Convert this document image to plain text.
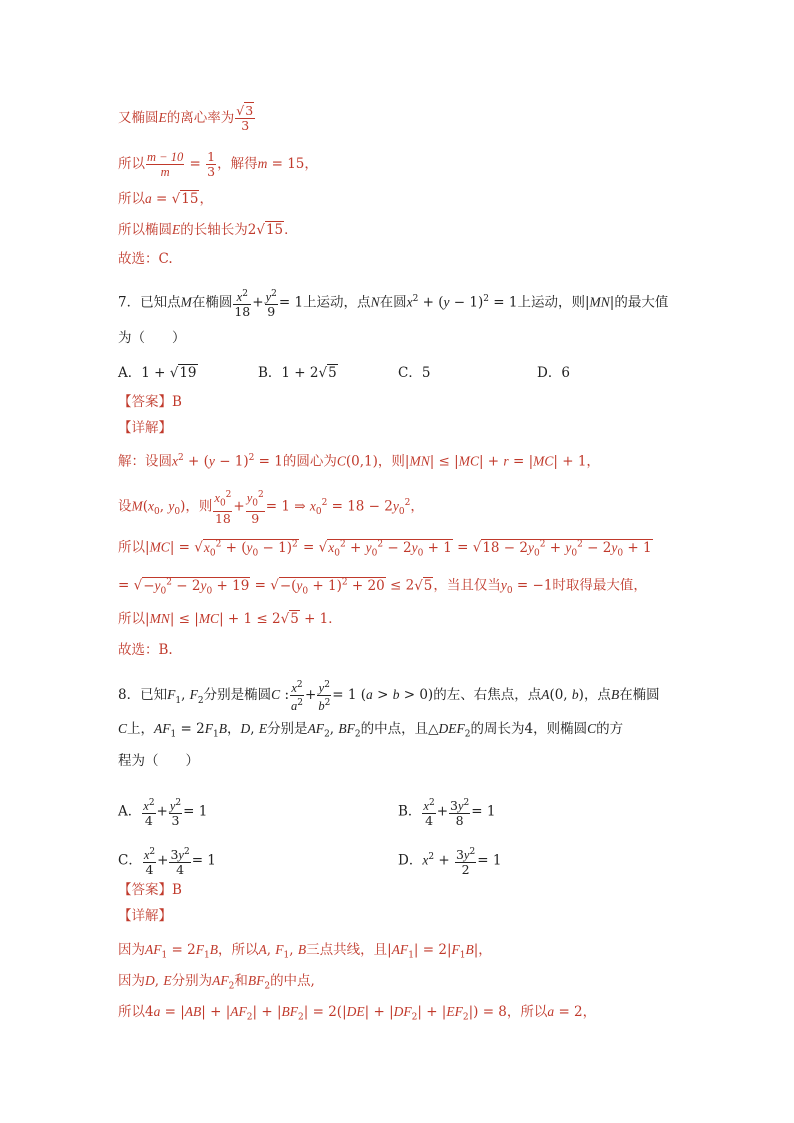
又椭圆E的离心率为 $\frac{√3}{3}$
所以 $\frac{m - 10}{m} = \frac{1}{3}$ ，解得m = 15，
所以a = √15，
所以椭圆E的长轴长为2√15．
故选：C.
7．已知点M在椭圆 $\frac{x^2}{18} + \frac{y^2}{9} = 1$上运动，点N在圆$x^2 + (y - 1)^2 = 1$上运动，则|MN|的最大值
为（　　）
A．1 + √19	B．1 + 2√5	C．5	D．6
【答案】B
【详解】
解：设圆$x^2 + (y - 1)^2 = 1$的圆心为C(0,1)，则|MN| ≤ |MC| + r = |MC| + 1，
设$M(x_0$, $y_0$)，则 $\frac{x_0^2}{18} + \frac{y_0^2}{9} = 1$ ⇒ $x_0^2 = 18 - 2y_0^2$，
所以$|MC| = √x_0^2 + (y_0 - 1)^2 = √x_0^2 + y_0^2 - 2y_0 + 1 = √18 - 2y_0^2 + y_0^2 - 2y_0 + 1$
= $√-y_0^2 - 2y_0 + 19 = √-(y_0 + 1)^2 + 20 \le 2√5$，当且仅当$y_0 = -1$时取得最大值，
所以|MN| ≤ |MC| + 1 ≤ 2√5 + 1．
故选：B.
8．已知$F_1$, $F_2$分别是椭圆C : $\frac{x^2}{a^2} + \frac{y^2}{b^2} = 1$ (a > b > 0)的左、右焦点，点A(0, b)，点B在椭圆
C上，$AF_1 = 2F_1B$，D, E分别是$AF_2$, $BF_2$的中点，且$\triangle DEF_2$的周长为4，则椭圆C的方
程为（　　）
A． $\frac{x^2}{4} + \frac{y^2}{3} = 1$	B． $\frac{x^2}{4} + \frac{3y^2}{8} = 1$
C． $\frac{x^2}{4} + \frac{3y^2}{4} = 1$	D．$x^2 + \frac{3y^2}{2} = 1$
【答案】B
【详解】
因为$AF_1 = 2F_1B$，所以A, $F_1$, B三点共线，且$|AF_1| = 2|F_1B|$，
因为D, E分别为$AF_2$和$BF_2$的中点,
所以$4a = |AB| + |AF_2| + |BF_2| = 2(|DE| + |DF_2| + |EF_2|) = 8$，所以a = 2，
